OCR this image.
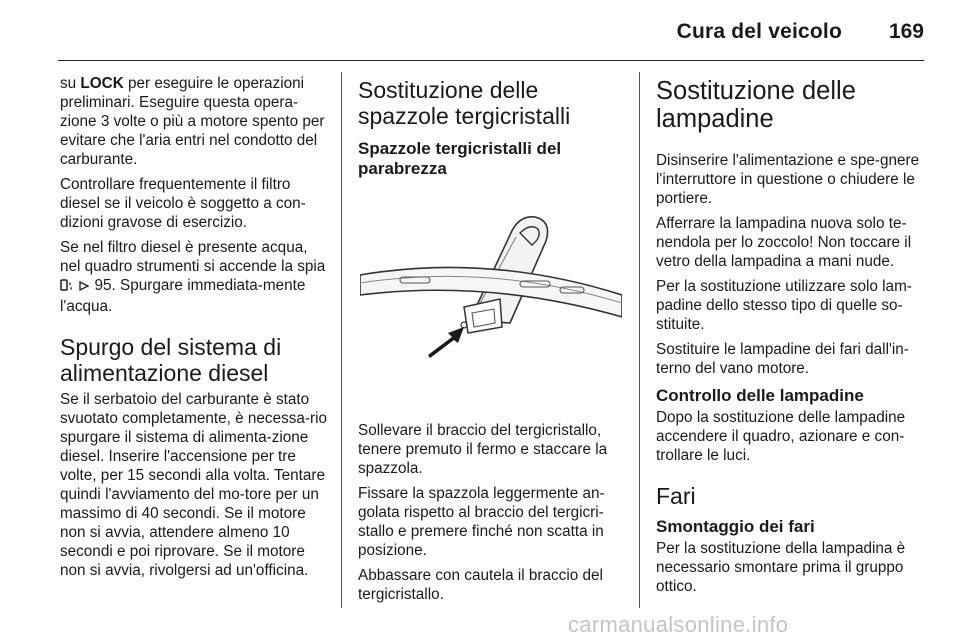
Cura del veicolo 169

su LOCK per eseguire le operazioni preliminari. Eseguire questa opera-zione 3 volte o più a motore spento per evitare che l'aria entri nel condotto del carburante.

Controllare frequentemente il filtro diesel se il veicolo è soggetto a con-dizioni gravose di esercizio.

Se nel filtro diesel è presente acqua, nel quadro strumenti si accende la spia   95. Spurgare immediata-mente l'acqua.

Spurgo del sistema di alimentazione diesel

Se il serbatoio del carburante è stato svuotato completamente, è necessa-rio spurgare il sistema di alimenta-zione diesel. Inserire l'accensione per tre volte, per 15 secondi alla volta. Tentare quindi l'avviamento del mo-tore per un massimo di 40 secondi. Se il motore non si avvia, attendere almeno 10 secondi e poi riprovare. Se il motore non si avvia, rivolgersi ad un'officina.

Sostituzione delle spazzole tergicristalli
Spazzole tergicristalli del parabrezza

Sollevare il braccio del tergicristallo, tenere premuto il fermo e staccare la spazzola.

Fissare la spazzola leggermente an-golata rispetto al braccio del tergicri-stallo e premere finché non scatta in posizione.

Abbassare con cautela il braccio del tergicristallo.

Sostituzione delle lampadine

Disinserire l'alimentazione e spe-gnere l'interruttore in questione o chiudere le portiere.

Afferrare la lampadina nuova solo te-nendola per lo zoccolo! Non toccare il vetro della lampadina a mani nude.

Per la sostituzione utilizzare solo lam-padine dello stesso tipo di quelle so-stituite.

Sostituire le lampadine dei fari dall'in-terno del vano motore.

Controllo delle lampadine

Dopo la sostituzione delle lampadine accendere il quadro, azionare e con-trollare le luci.

Fari
Smontaggio dei fari

Per la sostituzione della lampadina è necessario smontare prima il gruppo ottico.

carmanualsonline.info
